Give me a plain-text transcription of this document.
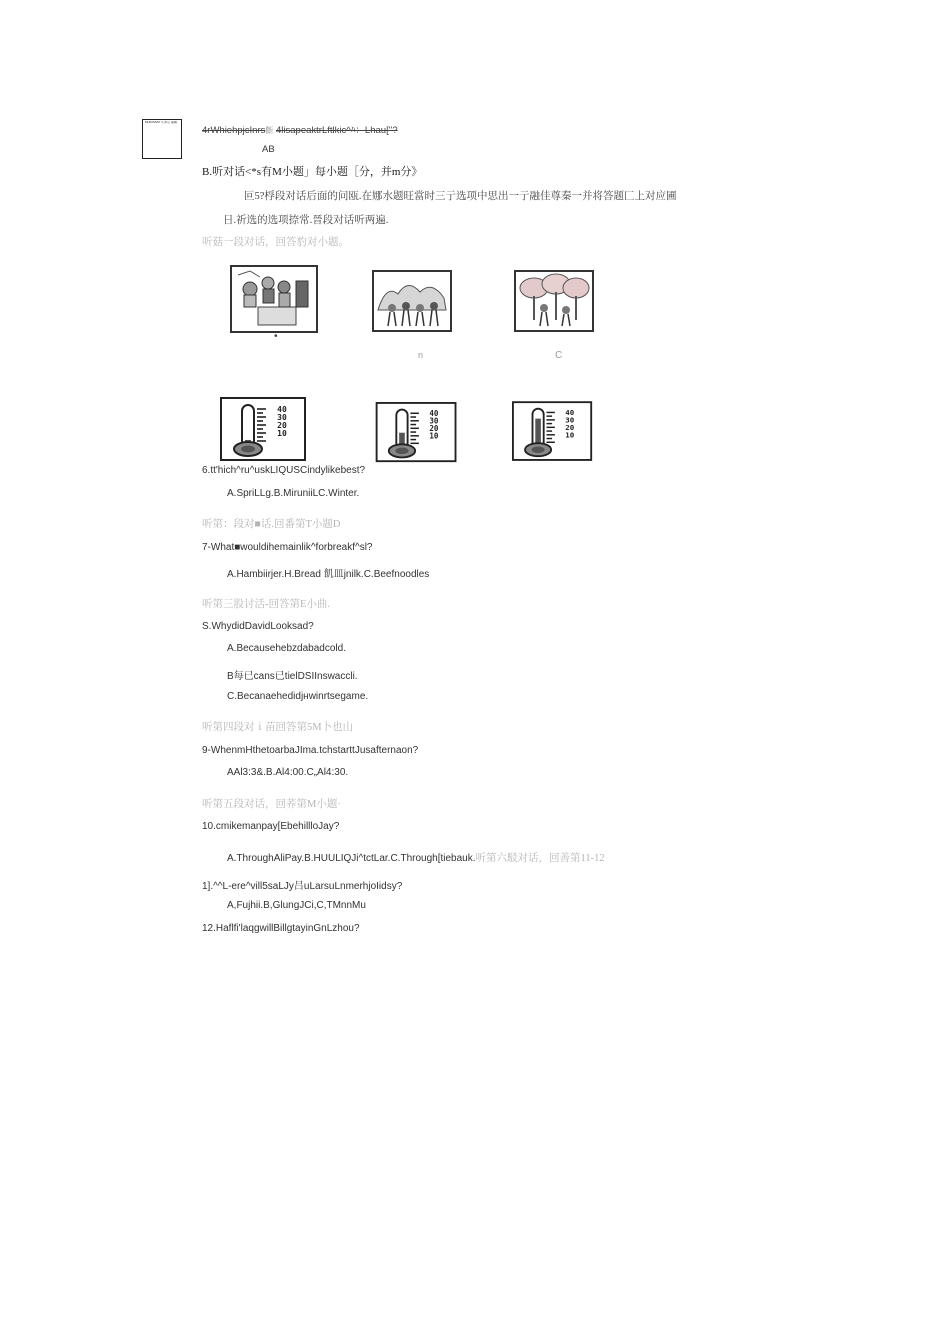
MHIOSIVrtf 小冲山 丽辆
4rWhiehpjcInrs斷 4lisapeaktrLftlkic^ﾊ：Lhau[''?
AB
B.听对话<*s有M小题」每小题［分，并m分》
叵5?桴段对话后面的问瓯.在娜水题旺當时三亍选项中思出一亍融佳尊秦一并将答题匚上对应圃
日.祈选的选项捺常.晉段对话听两遍.
听菇一段对话，回答豹对小题。
•
n	C
40
30
20
10
40
30
20
10
40
30
20
10
6.tt'hich^ru^uskLIQUSCindylikebest?
A.SpriLLg.B.MiruniiLC.Winter.
听第：段对■话.回番第T小题D
7-What■wouldihemainlik^forbreakf^sl?
A.Hambiirjer.H.Bread 飢皿jnilk.C.Beefnoodles
听第三股讨活-回答第E小曲.
S.WhydidDavidLooksad?
A.Becausehebzdabadcold.
B每已cans已tielDSIInswaccli.
C.Becanaehedidjнwinrtsegame.
听第四段对ｉ苗回答第5M卜也山
9-WhenmHthetoarbaJIma.tchstarttJusafternaon?
AAl3:3&.B.Al4:00.C„Al4:30.
听第五段对话，回荞第M小题·
10.cmikemanpay[EbehillloJay?
A.ThroughAliPay.B.HUULIQJi^tctLar.C.Through[tiebauk.听第六駁对话，回善第11-12
1].^^L-ere^vill5saLJy吕uLarsuLnmerhjoIidsy?
A,Fujhii.B,GlungJCi,C,TMnnMu
12.Haflfi'laqgwillBillgtayinGnLzhou?
